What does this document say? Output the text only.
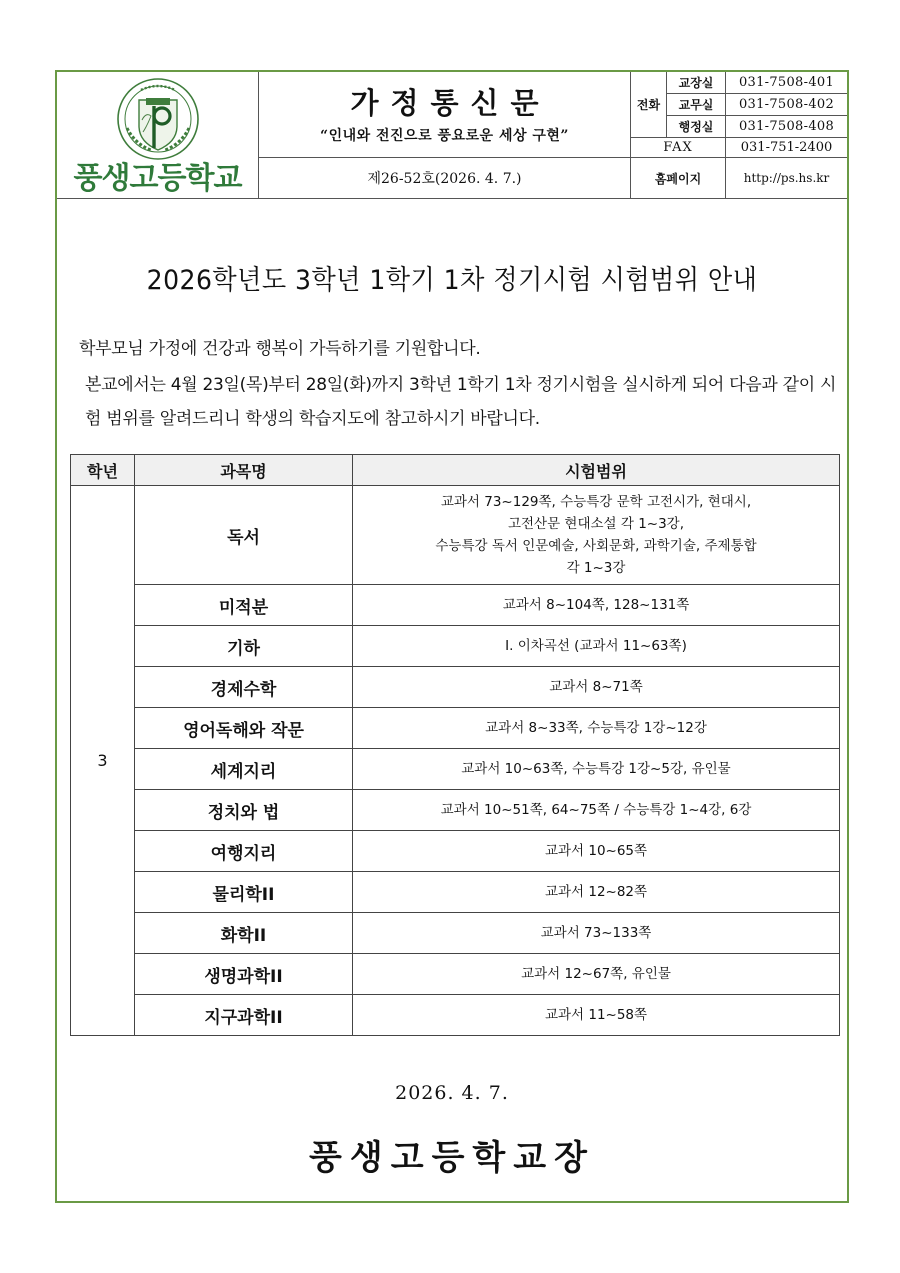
풍생고등학교
가정통신문
“인내와 전진으로 풍요로운 세상 구현”
제26-52호(2026. 4. 7.)
전화
교장실	031-7508-401
교무실	031-7508-402
행정실	031-7508-408
FAX	031-751-2400
홈페이지	http://ps.hs.kr
2026학년도 3학년 1학기 1차 정기시험 시험범위 안내
학부모님 가정에 건강과 행복이 가득하기를 기원합니다.
본교에서는 4월 23일(목)부터 28일(화)까지 3학년 1학기 1차 정기시험을 실시하게 되어 다음과 같이 시험 범위를 알려드리니 학생의 학습지도에 참고하시기 바랍니다.
학년	과목명	시험범위
3	독서	교과서 73~129쪽, 수능특강 문학 고전시가, 현대시,
고전산문 현대소설 각 1~3강,
수능특강 독서 인문예술, 사회문화, 과학기술, 주제통합
각 1~3강

	미적분	교과서 8~104쪽, 128~131쪽
	기하	I. 이차곡선 (교과서 11~63쪽)
	경제수학	교과서 8~71쪽
	영어독해와 작문	교과서 8~33쪽, 수능특강 1강~12강
	세계지리	교과서 10~63쪽, 수능특강 1강~5강, 유인물
	정치와 법	교과서 10~51쪽, 64~75쪽 / 수능특강 1~4강, 6강
	여행지리	교과서 10~65쪽
	물리학II	교과서 12~82쪽
	화학II	교과서 73~133쪽
	생명과학II	교과서 12~67쪽, 유인물
	지구과학II	교과서 11~58쪽
2026. 4. 7.
풍생고등학교장
